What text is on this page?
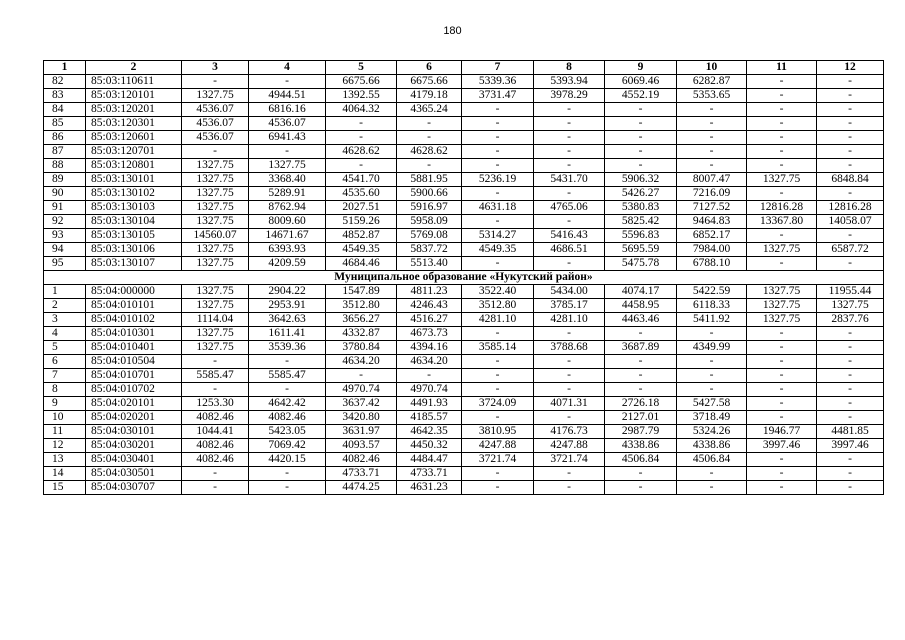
180
1	2	3	4	5	6	7	8	9	10	11	12
82	85:03:110611	-	-	6675.66	6675.66	5339.36	5393.94	6069.46	6282.87	-	-
83	85:03:120101	1327.75	4944.51	1392.55	4179.18	3731.47	3978.29	4552.19	5353.65	-	-
84	85:03:120201	4536.07	6816.16	4064.32	4365.24	-	-	-	-	-	-
85	85:03:120301	4536.07	4536.07	-	-	-	-	-	-	-	-
86	85:03:120601	4536.07	6941.43	-	-	-	-	-	-	-	-
87	85:03:120701	-	-	4628.62	4628.62	-	-	-	-	-	-
88	85:03:120801	1327.75	1327.75	-	-	-	-	-	-	-	-
89	85:03:130101	1327.75	3368.40	4541.70	5881.95	5236.19	5431.70	5906.32	8007.47	1327.75	6848.84
90	85:03:130102	1327.75	5289.91	4535.60	5900.66	-	-	5426.27	7216.09	-	-
91	85:03:130103	1327.75	8762.94	2027.51	5916.97	4631.18	4765.06	5380.83	7127.52	12816.28	12816.28
92	85:03:130104	1327.75	8009.60	5159.26	5958.09	-	-	5825.42	9464.83	13367.80	14058.07
93	85:03:130105	14560.07	14671.67	4852.87	5769.08	5314.27	5416.43	5596.83	6852.17	-	-
94	85:03:130106	1327.75	6393.93	4549.35	5837.72	4549.35	4686.51	5695.59	7984.00	1327.75	6587.72
95	85:03:130107	1327.75	4209.59	4684.46	5513.40	-	-	5475.78	6788.10	-	-
Муниципальное образование «Нукутский район»											
1	85:04:000000	1327.75	2904.22	1547.89	4811.23	3522.40	5434.00	4074.17	5422.59	1327.75	11955.44
2	85:04:010101	1327.75	2953.91	3512.80	4246.43	3512.80	3785.17	4458.95	6118.33	1327.75	1327.75
3	85:04:010102	1114.04	3642.63	3656.27	4516.27	4281.10	4281.10	4463.46	5411.92	1327.75	2837.76
4	85:04:010301	1327.75	1611.41	4332.87	4673.73	-	-	-	-	-	-
5	85:04:010401	1327.75	3539.36	3780.84	4394.16	3585.14	3788.68	3687.89	4349.99	-	-
6	85:04:010504	-	-	4634.20	4634.20	-	-	-	-	-	-
7	85:04:010701	5585.47	5585.47	-	-	-	-	-	-	-	-
8	85:04:010702	-	-	4970.74	4970.74	-	-	-	-	-	-
9	85:04:020101	1253.30	4642.42	3637.42	4491.93	3724.09	4071.31	2726.18	5427.58	-	-
10	85:04:020201	4082.46	4082.46	3420.80	4185.57	-	-	2127.01	3718.49	-	-
11	85:04:030101	1044.41	5423.05	3631.97	4642.35	3810.95	4176.73	2987.79	5324.26	1946.77	4481.85
12	85:04:030201	4082.46	7069.42	4093.57	4450.32	4247.88	4247.88	4338.86	4338.86	3997.46	3997.46
13	85:04:030401	4082.46	4420.15	4082.46	4484.47	3721.74	3721.74	4506.84	4506.84	-	-
14	85:04:030501	-	-	4733.71	4733.71	-	-	-	-	-	-
15	85:04:030707	-	-	4474.25	4631.23	-	-	-	-	-	-
